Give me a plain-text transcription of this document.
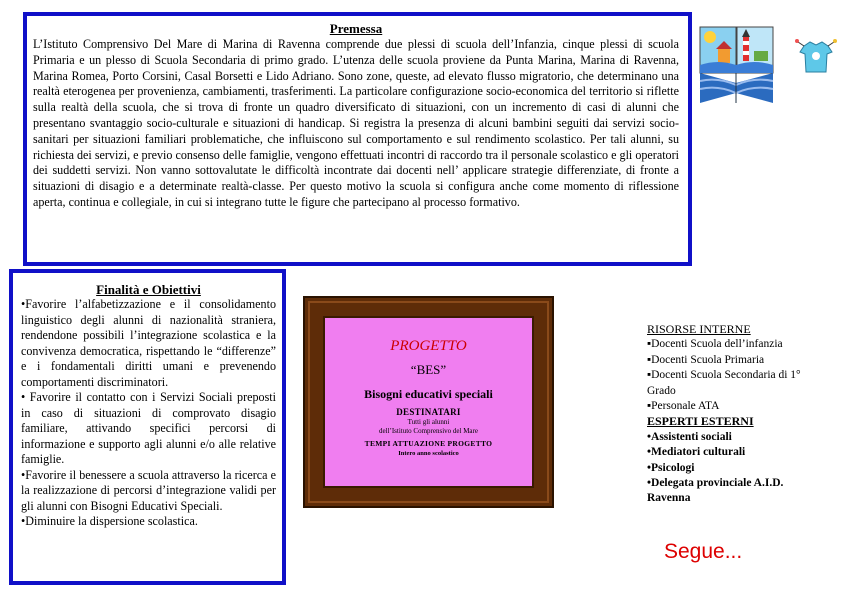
Premessa
L’Istituto Comprensivo Del Mare di Marina di Ravenna comprende due plessi di scuola dell’Infanzia, cinque plessi di scuola Primaria e un plesso di Scuola Secondaria di primo grado. L’utenza delle scuola proviene da Punta Marina, Marina di Ravenna, Marina Romea, Porto Corsini, Casal Borsetti e Lido Adriano. Sono zone, queste, ad elevato flusso migratorio, che determinano una realtà eterogenea per provenienza, cambiamenti, trasferimenti. La particolare configurazione socio-economica del territorio si riflette sulla realtà della scuola, che si trova di fronte un quadro diversificato di situazioni, con un incremento di casi di alunni che presentano svantaggio socio-culturale e situazioni di handicap. Si registra la presenza di alcuni bambini seguiti dai servizi socio-sanitari per situazioni familiari problematiche, che influiscono sul comportamento e sul rendimento scolastico. Per tali alunni, su richiesta dei servizi, e previo consenso delle famiglie, vengono effettuati incontri di raccordo tra il personale scolastico e gli operatori dei suddetti servizi. Non vanno sottovalutate le difficoltà incontrate dai docenti nell’ applicare strategie differenziate, di fronte a situazioni di disagio e a determinate realtà-classe. Per questo motivo la scuola si configura anche come momento di riflessione aperta, continua e collegiale, in cui si integrano tutte le figure che partecipano al processo formativo.
Finalità e Obiettivi
•Favorire l’alfabetizzazione e il consolidamento linguistico degli alunni di nazionalità straniera, rendendone possibili l’integrazione scolastica e la convivenza democratica, rispettando le “differenze” e i fondamentali diritti umani e prevenendo comportamenti discriminatori.
• Favorire il contatto con i Servizi Sociali preposti in caso di situazioni di comprovato disagio familiare, attivando specifici percorsi di informazione e supporto agli alunni e/o alle relative famiglie.
•Favorire il benessere a scuola attraverso la ricerca e la realizzazione di percorsi d’integrazione validi per gli alunni con Bisogni Educativi Speciali.
•Diminuire la dispersione scolastica.
PROGETTO
“BES”
Bisogni educativi speciali
DESTINATARI
Tutti gli alunni
dell’Istituto Comprensivo del Mare
TEMPI ATTUAZIONE PROGETTO
Intero anno scolastico
RISORSE INTERNE
▪Docenti Scuola dell’infanzia
▪Docenti Scuola Primaria
▪Docenti Scuola Secondaria di 1° Grado
▪Personale ATA
ESPERTI ESTERNI
•Assistenti sociali
•Mediatori culturali
•Psicologi
•Delegata provinciale A.I.D. Ravenna
Segue...
